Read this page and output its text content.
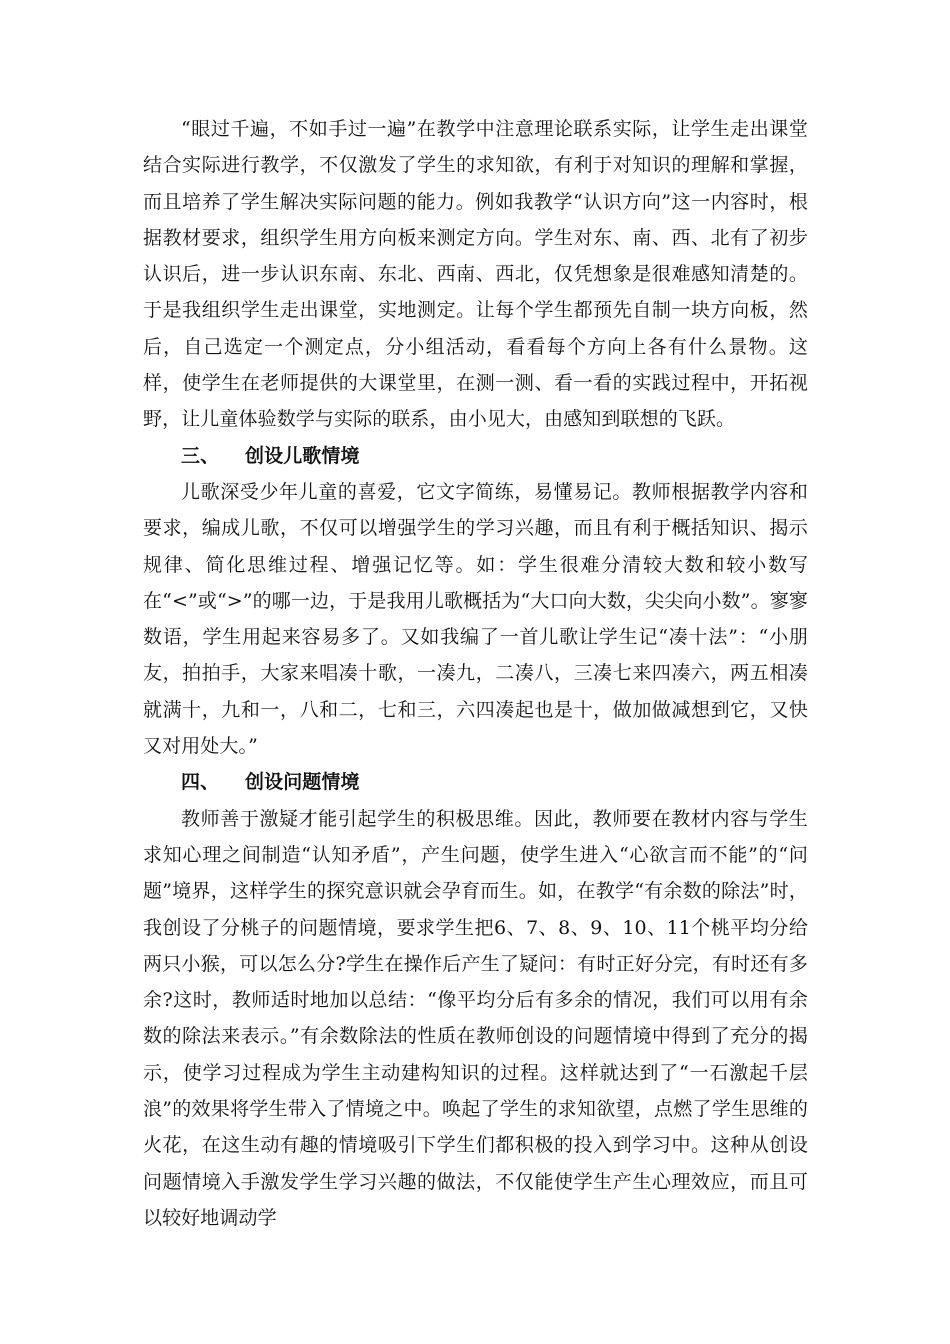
“眼过千遍，不如手过一遍”在教学中注意理论联系实际，让学生走出课堂结合实际进行教学，不仅激发了学生的求知欲，有利于对知识的理解和掌握，而且培养了学生解决实际问题的能力。例如我教学“认识方向”这一内容时，根据教材要求，组织学生用方向板来测定方向。学生对东、南、西、北有了初步认识后，进一步认识东南、东北、西南、西北，仅凭想象是很难感知清楚的。于是我组织学生走出课堂，实地测定。让每个学生都预先自制一块方向板，然后，自己选定一个测定点，分小组活动，看看每个方向上各有什么景物。这样，使学生在老师提供的大课堂里，在测一测、看一看的实践过程中，开拓视野，让儿童体验数学与实际的联系，由小见大，由感知到联想的飞跃。

三、 创设儿歌情境

儿歌深受少年儿童的喜爱，它文字简练，易懂易记。教师根据教学内容和要求，编成儿歌，不仅可以增强学生的学习兴趣，而且有利于概括知识、揭示规律、简化思维过程、增强记忆等。如：学生很难分清较大数和较小数写在“<”或“>”的哪一边，于是我用儿歌概括为“大口向大数，尖尖向小数”。寥寥数语，学生用起来容易多了。又如我编了一首儿歌让学生记“凑十法”：“小朋友，拍拍手，大家来唱凑十歌，一凑九，二凑八，三凑七来四凑六，两五相凑就满十，九和一，八和二，七和三，六四凑起也是十，做加做减想到它，又快又对用处大。”

四、 创设问题情境

教师善于激疑才能引起学生的积极思维。因此，教师要在教材内容与学生求知心理之间制造“认知矛盾”，产生问题，使学生进入“心欲言而不能”的“问题”境界，这样学生的探究意识就会孕育而生。如，在教学“有余数的除法”时，我创设了分桃子的问题情境，要求学生把6、7、8、9、10、11个桃平均分给两只小猴，可以怎么分?学生在操作后产生了疑问：有时正好分完，有时还有多余?这时，教师适时地加以总结：“像平均分后有多余的情况，我们可以用有余数的除法来表示。”有余数除法的性质在教师创设的问题情境中得到了充分的揭示，使学习过程成为学生主动建构知识的过程。这样就达到了“一石激起千层浪”的效果将学生带入了情境之中。唤起了学生的求知欲望，点燃了学生思维的火花，在这生动有趣的情境吸引下学生们都积极的投入到学习中。这种从创设问题情境入手激发学生学习兴趣的做法，不仅能使学生产生心理效应，而且可以较好地调动学
